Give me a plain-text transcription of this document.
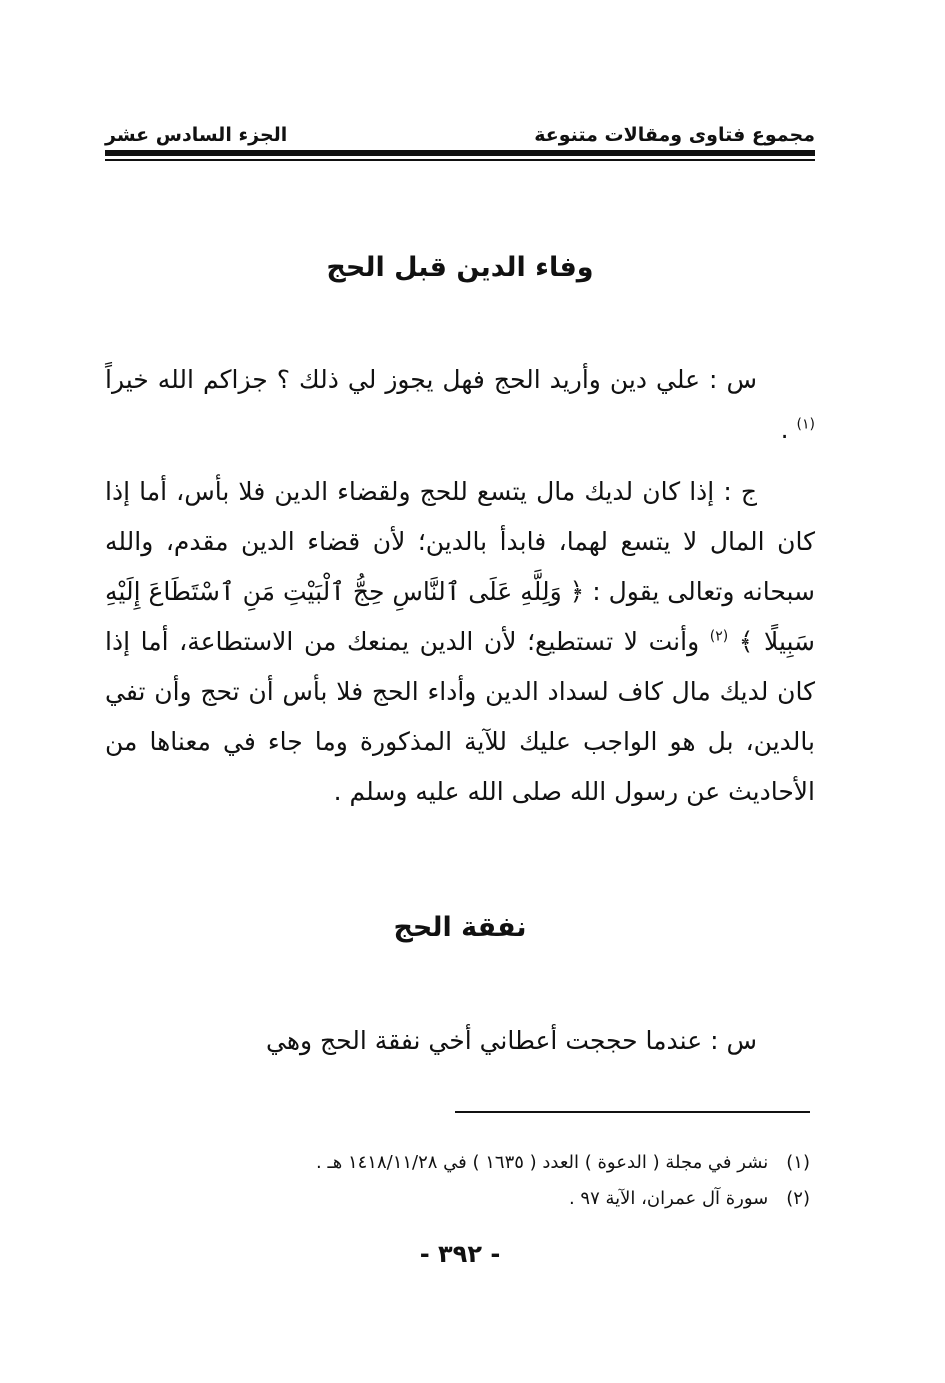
مجموع فتاوى ومقالات متنوعة
الجزء السادس عشر
وفاء الدين قبل الحج
س : علي دين وأريد الحج فهل يجوز لي ذلك ؟ جزاكم الله خيراً $^{(١)}$ .
ج : إذا كان لديك مال يتسع للحج ولقضاء الدين فلا بأس، أما إذا كان المال لا يتسع لهما، فابدأ بالدين؛ لأن قضاء الدين مقدم، والله سبحانه وتعالى يقول : ﴿ وَلِلَّهِ عَلَى ٱلنَّاسِ حِجُّ ٱلْبَيْتِ مَنِ ٱسْتَطَاعَ إِلَيْهِ سَبِيلًا ﴾ $^{(٢)}$ وأنت لا تستطيع؛ لأن الدين يمنعك من الاستطاعة، أما إذا كان لديك مال كاف لسداد الدين وأداء الحج فلا بأس أن تحج وأن تفي بالدين، بل هو الواجب عليك للآية المذكورة وما جاء في معناها من الأحاديث عن رسول الله صلى الله عليه وسلم .
نفقة الحج
س : عندما حججت أعطاني أخي نفقة الحج وهي
(١) نشر في مجلة ( الدعوة ) العدد ( ١٦٣٥ ) في ١٤١٨/١١/٢٨ هـ .
(٢) سورة آل عمران، الآية ٩٧ .
- ٣٩٢ -
